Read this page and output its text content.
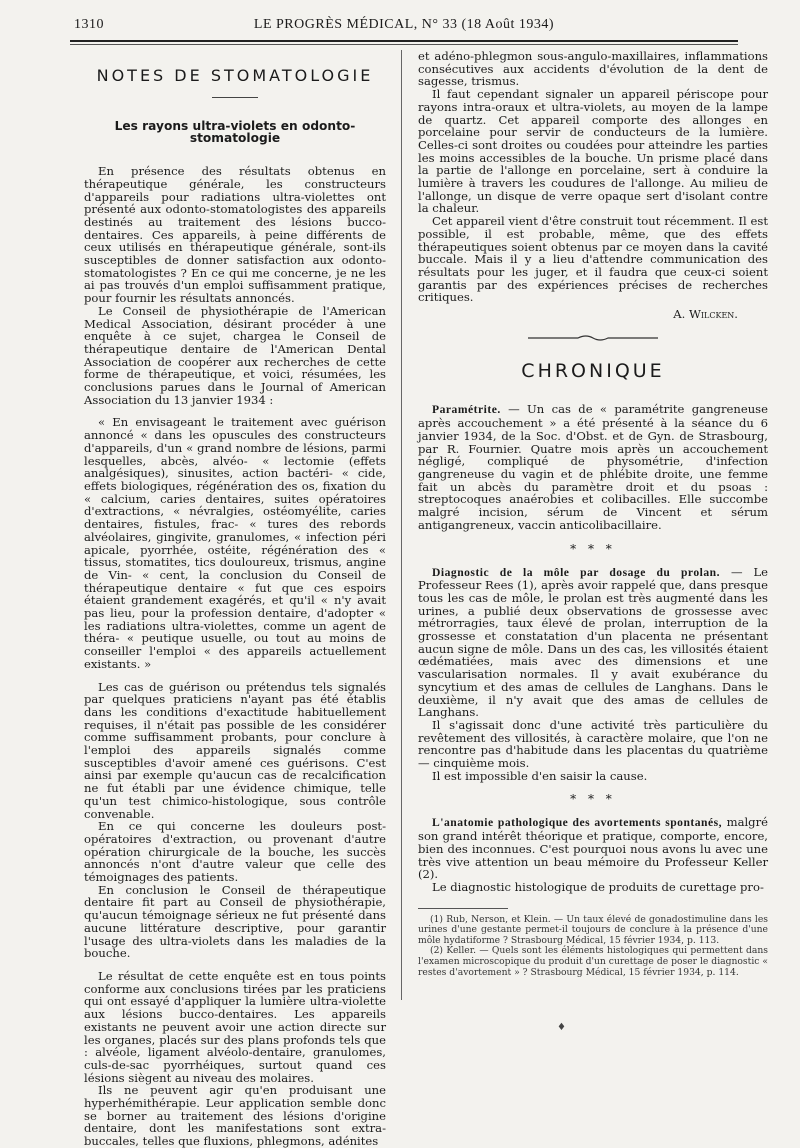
1310	LE PROGRÈS MÉDICAL, N° 33 (18 Août 1934)
NOTES DE STOMATOLOGIE
Les rayons ultra-violets en odonto-stomatologie

En présence des résultats obtenus en thérapeutique générale, les constructeurs d'appareils pour radiations ultra-violettes ont présenté aux odonto-stomatologistes des appareils destinés au traitement des lésions bucco-dentaires. Ces appareils, à peine différents de ceux utilisés en thérapeutique générale, sont-ils susceptibles de donner satisfaction aux odonto-stomatologistes ? En ce qui me concerne, je ne les ai pas trouvés d'un emploi suffisamment pratique, pour fournir les résultats annoncés.

Le Conseil de physiothérapie de l'American Medical Association, désirant procéder à une enquête à ce sujet, chargea le Conseil de thérapeutique dentaire de l'American Dental Association de coopérer aux recherches de cette forme de thérapeutique, et voici, résumées, les conclusions parues dans le Journal of American Association du 13 janvier 1934 :

« En envisageant le traitement avec guérison annoncé « dans les opuscules des constructeurs d'appareils, d'un « grand nombre de lésions, parmi lesquelles, abcès, alvéo- « lectomie (effets analgésiques), sinusites, action bactéri- « cide, effets biologiques, régénération des os, fixation du « calcium, caries dentaires, suites opératoires d'extractions, « névralgies, ostéomyélite, caries dentaires, fistules, frac- « tures des rebords alvéolaires, gingivite, granulomes, « infection péri apicale, pyorrhée, ostéite, régénération des « tissus, stomatites, tics douloureux, trismus, angine de Vin- « cent, la conclusion du Conseil de thérapeutique dentaire « fut que ces espoirs étaient grandement exagérés, et qu'il « n'y avait pas lieu, pour la profession dentaire, d'adopter « les radiations ultra-violettes, comme un agent de théra- « peutique usuelle, ou tout au moins de conseiller l'emploi « des appareils actuellement existants. »

Les cas de guérison ou prétendus tels signalés par quelques praticiens n'ayant pas été établis dans les conditions d'exactitude habituellement requises, il n'était pas possible de les considérer comme suffisamment probants, pour conclure à l'emploi des appareils signalés comme susceptibles d'avoir amené ces guérisons. C'est ainsi par exemple qu'aucun cas de recalcification ne fut établi par une évidence chimique, telle qu'un test chimico-histologique, sous contrôle convenable.

En ce qui concerne les douleurs post-opératoires d'extraction, ou provenant d'autre opération chirurgicale de la bouche, les succès annoncés n'ont d'autre valeur que celle des témoignages des patients.

En conclusion le Conseil de thérapeutique dentaire fit part au Conseil de physiothérapie, qu'aucun témoignage sérieux ne fut présenté dans aucune littérature descriptive, pour garantir l'usage des ultra-violets dans les maladies de la bouche.

Le résultat de cette enquête est en tous points conforme aux conclusions tirées par les praticiens qui ont essayé d'appliquer la lumière ultra-violette aux lésions bucco-dentaires. Les appareils existants ne peuvent avoir une action directe sur les organes, placés sur des plans profonds tels que : alvéole, ligament alvéolo-dentaire, granulomes, culs-de-sac pyorrhéiques, surtout quand ces lésions siègent au niveau des molaires.

Ils ne peuvent agir qu'en produisant une hyperhémithérapie. Leur application semble donc se borner au traitement des lésions d'origine dentaire, dont les manifestations sont extra-buccales, telles que fluxions, phlegmons, adénites

et adéno-phlegmon sous-angulo-maxillaires, inflammations consécutives aux accidents d'évolution de la dent de sagesse, trismus.

Il faut cependant signaler un appareil périscope pour rayons intra-oraux et ultra-violets, au moyen de la lampe de quartz. Cet appareil comporte des allonges en porcelaine pour servir de conducteurs de la lumière. Celles-ci sont droites ou coudées pour atteindre les parties les moins accessibles de la bouche. Un prisme placé dans la partie de l'allonge en porcelaine, sert à conduire la lumière à travers les coudures de l'allonge. Au milieu de l'allonge, un disque de verre opaque sert d'isolant contre la chaleur.

Cet appareil vient d'être construit tout récemment. Il est possible, il est probable, même, que des effets thérapeutiques soient obtenus par ce moyen dans la cavité buccale. Mais il y a lieu d'attendre communication des résultats pour les juger, et il faudra que ceux-ci soient garantis par des expériences précises de recherches critiques.

A. Wilcken.
CHRONIQUE

Paramétrite. — Un cas de « paramétrite gangreneuse après accouchement » a été présenté à la séance du 6 janvier 1934, de la Soc. d'Obst. et de Gyn. de Strasbourg, par R. Fournier. Quatre mois après un accouchement négligé, compliqué de physométrie, d'infection gangreneuse du vagin et de phlébite droite, une femme fait un abcès du paramètre droit et du psoas : streptocoques anaérobies et colibacilles. Elle succombe malgré incision, sérum de Vincent et sérum antigangreneux, vaccin anticolibacillaire.

* * *

Diagnostic de la môle par dosage du prolan. — Le Professeur Rees (1), après avoir rappelé que, dans presque tous les cas de môle, le prolan est très augmenté dans les urines, a publié deux observations de grossesse avec métrorragies, taux élevé de prolan, interruption de la grossesse et constatation d'un placenta ne présentant aucun signe de môle. Dans un des cas, les villosités étaient œdématiées, mais avec des dimensions et une vascularisation normales. Il y avait exubérance du syncytium et des amas de cellules de Langhans. Dans le deuxième, il n'y avait que des amas de cellules de Langhans.

Il s'agissait donc d'une activité très particulière du revêtement des villosités, à caractère molaire, que l'on ne rencontre pas d'habitude dans les placentas du quatrième — cinquième mois.

Il est impossible d'en saisir la cause.

* * *

L'anatomie pathologique des avortements spontanés, malgré son grand intérêt théorique et pratique, comporte, encore, bien des inconnues. C'est pourquoi nous avons lu avec une très vive attention un beau mémoire du Professeur Keller (2).

Le diagnostic histologique de produits de curettage pro-

(1) Rub, Nerson, et Klein. — Un taux élevé de gonadostimuline dans les urines d'une gestante permet-il toujours de conclure à la présence d'une môle hydatiforme ? Strasbourg Médical, 15 février 1934, p. 113.

(2) Keller. — Quels sont les éléments histologiques qui permettent dans l'examen microscopique du produit d'un curettage de poser le diagnostic « restes d'avortement » ? Strasbourg Médical, 15 février 1934, p. 114.

♦
